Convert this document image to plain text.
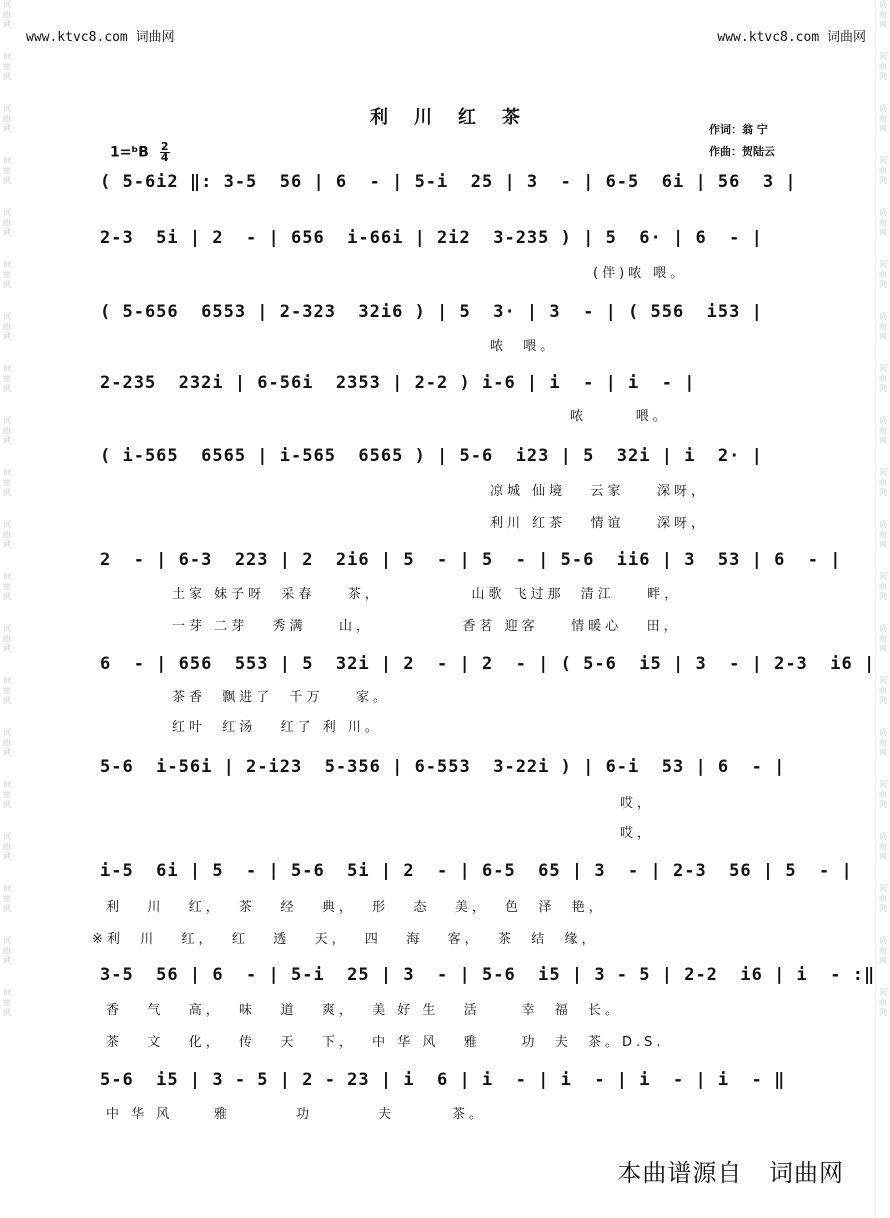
词
曲
网
词
曲
网
词
曲
网
词
曲
网
词
曲
网
词
曲
网
词
曲
网
词
曲
网
词
曲
网
词
曲
网
词
曲
网
词
曲
网
词
曲
网
词
曲
网
词
曲
网
词
曲
网
词
曲
网
词
曲
网
词
曲
网
词
曲
网
词
曲
网
词
曲
网
词
曲
网
词
曲
网
词
曲
网
词
曲
网
词
曲
网
词
曲
网
词
曲
网
词
曲
网
词
曲
网
词
曲
网
词
曲
网
词
曲
网
词
曲
网
词
曲
网
词
曲
网
词
曲
网
词
曲
网
词
曲
网
www.ktvc8.com 词曲网	www.ktvc8.com 词曲网
利川红茶
作词：翁 宁
作曲：贺陆云
1=ᵇB $\frac{2}{4}$
( 5-6i2 ‖: 3-5  56 | 6  - | 5-i  25 | 3  - | 6-5  6i | 56  3 |
2-3  5i | 2  - | 656  i-66i | 2i2  3-235 ) | 5  6· | 6  - |
(伴)哝 喂。
( 5-656  6553 | 2-323  32i6 ) | 5  3· | 3  - | ( 556  i53 |
哝  喂。
2-235  232i | 6-56i  2353 | 2-2 ) i-6 | i  - | i  - |
哝      喂。
( i-565  6565 | i-565  6565 ) | 5-6  i23 | 5  32i | i  2· |
凉城 仙境   云家    深呀，
利川 红茶   情谊    深呀，
2  - | 6-3  223 | 2  2i6 | 5  - | 5  - | 5-6  ii6 | 3  53 | 6  - |
土家 妹子呀  采春    茶，           山歌 飞过那  清江    畔，
一芽 二芽   秀满    山，           香茗 迎客    情暖心   田，
6  - | 656  553 | 5  32i | 2  - | 2  - | ( 5-6  i5 | 3  - | 2-3  i6 |
茶香  飘进了  千万    家。
红叶  红汤   红了 利 川。
5-6  i-56i | 2-i23  5-356 | 6-553  3-22i ) | 6-i  53 | 6  - |
哎，
哎，
i-5  6i | 5  - | 5-6  5i | 2  - | 6-5  65 | 3  - | 2-3  56 | 5  - |
利   川   红，  茶   经   典，  形   态   美，  色  泽  艳，
※利  川   红，  红   透   天，  四   海   客，  茶  结  缘，
3-5  56 | 6  - | 5-i  25 | 3  - | 5-6  i5 | 3 - 5 | 2-2  i6 | i  - :‖
香   气   高，  味   道   爽，  美 好 生   活     幸  福  长。
茶   文   化，  传   天   下，  中 华 风   雅     功  夫  茶。D.S.
5-6  i5 | 3 - 5 | 2 - 23 | i  6 | i  - | i  - | i  - | i  - ‖
中 华 风     雅        功        夫       茶。
本曲谱源自 词曲网
